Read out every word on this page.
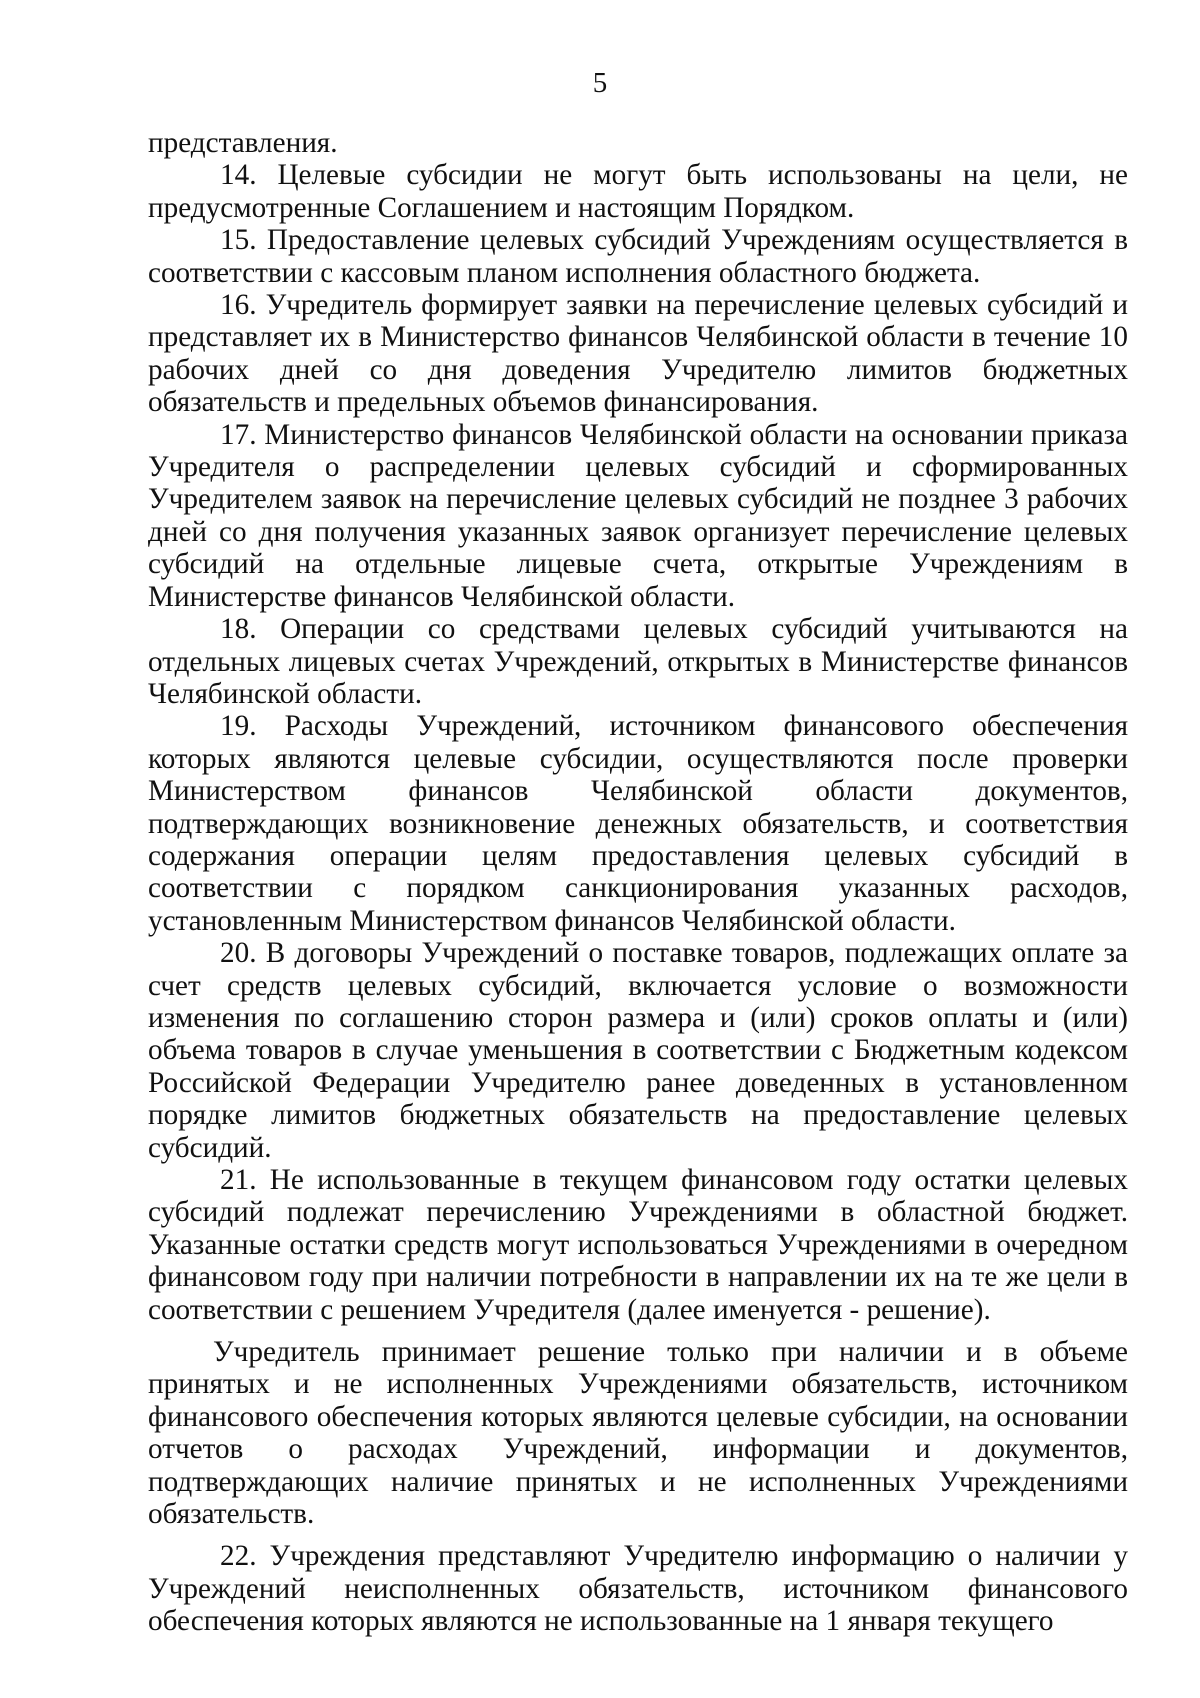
5

представления.

14. Целевые субсидии не могут быть использованы на цели, не предусмотренные Соглашением и настоящим Порядком.

15. Предоставление целевых субсидий Учреждениям осуществляется в соответствии с кассовым планом исполнения областного бюджета.

16. Учредитель формирует заявки на перечисление целевых субсидий и представляет их в Министерство финансов Челябинской области в течение 10 рабочих дней со дня доведения Учредителю лимитов бюджетных обязательств и предельных объемов финансирования.

17. Министерство финансов Челябинской области на основании приказа Учредителя о распределении целевых субсидий и сформированных Учредителем заявок на перечисление целевых субсидий не позднее 3 рабочих дней со дня получения указанных заявок организует перечисление целевых субсидий на отдельные лицевые счета, открытые Учреждениям в Министерстве финансов Челябинской области.

18. Операции со средствами целевых субсидий учитываются на отдельных лицевых счетах Учреждений, открытых в Министерстве финансов Челябинской области.

19. Расходы Учреждений, источником финансового обеспечения которых являются целевые субсидии, осуществляются после проверки Министерством финансов Челябинской области документов, подтверждающих возникновение денежных обязательств, и соответствия содержания операции целям предоставления целевых субсидий в соответствии с порядком санкционирования указанных расходов, установленным Министерством финансов Челябинской области.

20. В договоры Учреждений о поставке товаров, подлежащих оплате за счет средств целевых субсидий, включается условие о возможности изменения по соглашению сторон размера и (или) сроков оплаты и (или) объема товаров в случае уменьшения в соответствии с Бюджетным кодексом Российской Федерации Учредителю ранее доведенных в установленном порядке лимитов бюджетных обязательств на предоставление целевых субсидий.

21. Не использованные в текущем финансовом году остатки целевых субсидий подлежат перечислению Учреждениями в областной бюджет. Указанные остатки средств могут использоваться Учреждениями в очередном финансовом году при наличии потребности в направлении их на те же цели в соответствии с решением Учредителя (далее именуется - решение).

Учредитель принимает решение только при наличии и в объеме принятых и не исполненных Учреждениями обязательств, источником финансового обеспечения которых являются целевые субсидии, на основании отчетов о расходах Учреждений, информации и документов, подтверждающих наличие принятых и не исполненных Учреждениями обязательств.

22. Учреждения представляют Учредителю информацию о наличии у Учреждений неисполненных обязательств, источником финансового обеспечения которых являются не использованные на 1 января текущего
